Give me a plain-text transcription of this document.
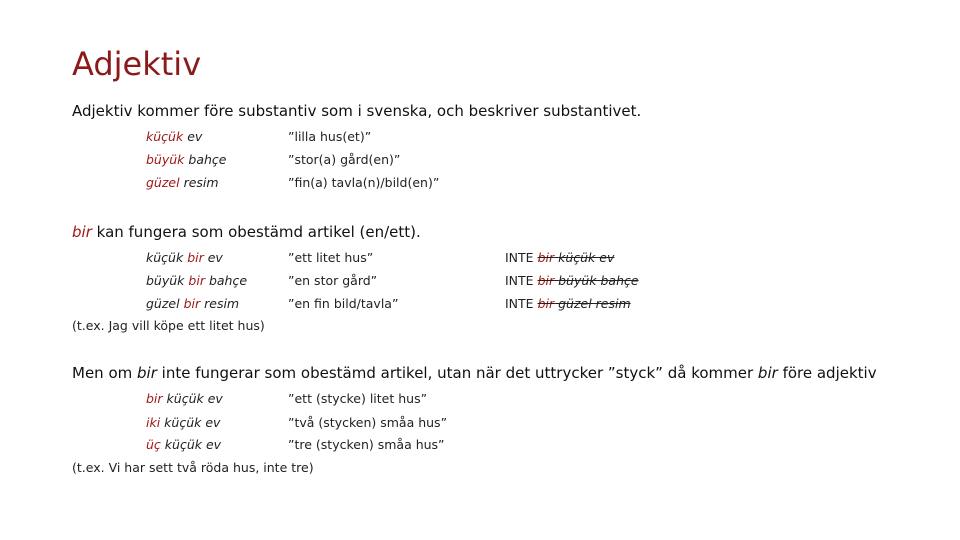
Adjektiv
Adjektiv kommer före substantiv som i svenska, och beskriver substantivet.
küçük ev	”lilla hus(et)”
büyük bahçe	”stor(a) gård(en)”
güzel resim	”fin(a) tavla(n)/bild(en)”
bir kan fungera som obestämd artikel (en/ett).
küçük bir ev	”ett litet hus”	INTE bir küçük ev
büyük bir bahçe	”en stor gård”	INTE bir büyük bahçe
güzel bir resim	”en fin bild/tavla”	INTE bir güzel resim
(t.ex. Jag vill köpe ett litet hus)
Men om bir inte fungerar som obestämd artikel, utan när det uttrycker ”styck” då kommer bir före adjektiv
bir küçük ev	”ett (stycke) litet hus”
iki küçük ev	”två (stycken) småa hus”
üç küçük ev	”tre (stycken) småa hus”
(t.ex. Vi har sett två röda hus, inte tre)
